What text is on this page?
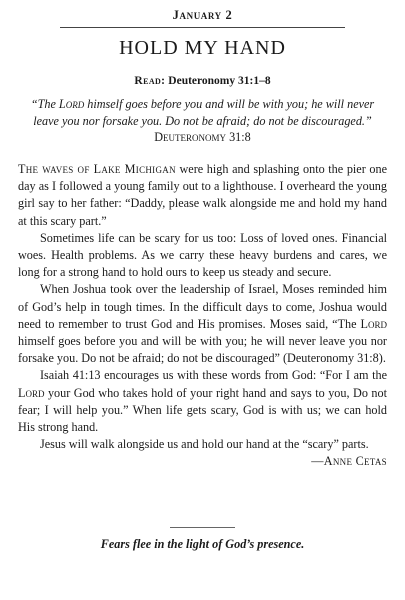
January 2
HOLD MY HAND
Read: Deuteronomy 31:1–8
“The Lord himself goes before you and will be with you; he will never leave you nor forsake you. Do not be afraid; do not be discouraged.” Deuteronomy 31:8

The waves of Lake Michigan were high and splashing onto the pier one day as I followed a young family out to a lighthouse. I overheard the young girl say to her father: “Daddy, please walk alongside me and hold my hand at this scary part.”

Sometimes life can be scary for us too: Loss of loved ones. Financial woes. Health problems. As we carry these heavy burdens and cares, we long for a strong hand to hold ours to keep us steady and secure.

When Joshua took over the leadership of Israel, Moses reminded him of God’s help in tough times. In the difficult days to come, Joshua would need to remember to trust God and His promises. Moses said, “The Lord himself goes before you and will be with you; he will never leave you nor forsake you. Do not be afraid; do not be discouraged” (Deuteronomy 31:8).

Isaiah 41:13 encourages us with these words from God: “For I am the Lord your God who takes hold of your right hand and says to you, Do not fear; I will help you.” When life gets scary, God is with us; we can hold His strong hand.

Jesus will walk alongside us and hold our hand at the “scary” parts.
—Anne Cetas

Fears flee in the light of God’s presence.
